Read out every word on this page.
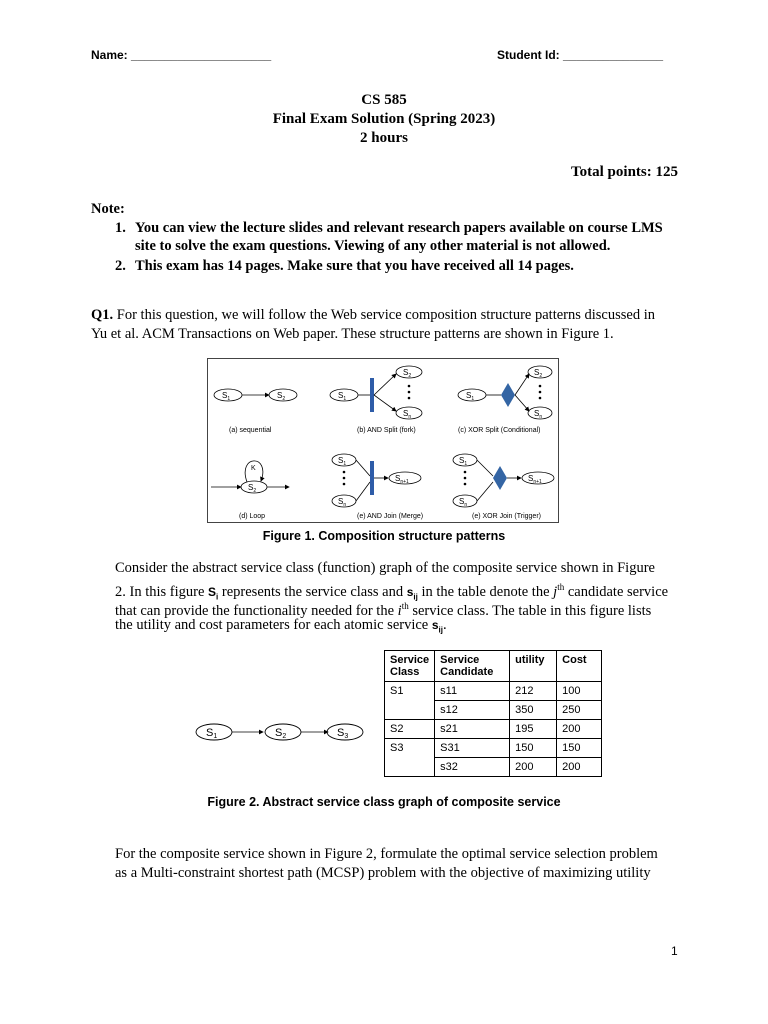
Name: _____________________	Student Id: _______________
CS 585
Final Exam Solution (Spring 2023)
2 hours
Total points: 125
Note:
1. You can view the lecture slides and relevant research papers available on course LMS
site to solve the exam questions. Viewing of any other material is not allowed.
2. This exam has 14 pages. Make sure that you have received all 14 pages.
Q1. For this question, we will follow the Web service composition structure patterns discussed in
Yu et al. ACM Transactions on Web paper. These structure patterns are shown in Figure 1.
$S_1$	$S_2$
(a) sequential
$S_1$
$S_2$
$S_n$
(b) AND Split (fork)
$S_1$
$S_2$
$S_n$
(c) XOR Split (Conditional)
$S_2$
K
(d) Loop
$S_1$
$S_n$
$S_{n+1}$
(e) AND Join (Merge)
$S_1$
$S_n$
$S_{n+1}$
(e) XOR Join (Trigger)
Figure 1. Composition structure patterns
Consider the abstract service class (function) graph of the composite service shown in Figure
2. In this figure $S_i$ represents the service class and $s_{ij}$ in the table denote the $j^{th}$ candidate service
that can provide the functionality needed for the $i^{th}$ service class. The table in this figure lists
the utility and cost parameters for each atomic service $s_{ij}$.
S1	S2	S3
Service Class	Service Candidate	utility	Cost
S1	s11	212	100
	s12	350	250
S2	s21	195	200
S3	S31	150	150
	s32	200	200
Figure 2. Abstract service class graph of composite service
For the composite service shown in Figure 2, formulate the optimal service selection problem
as a Multi-constraint shortest path (MCSP) problem with the objective of maximizing utility
1
